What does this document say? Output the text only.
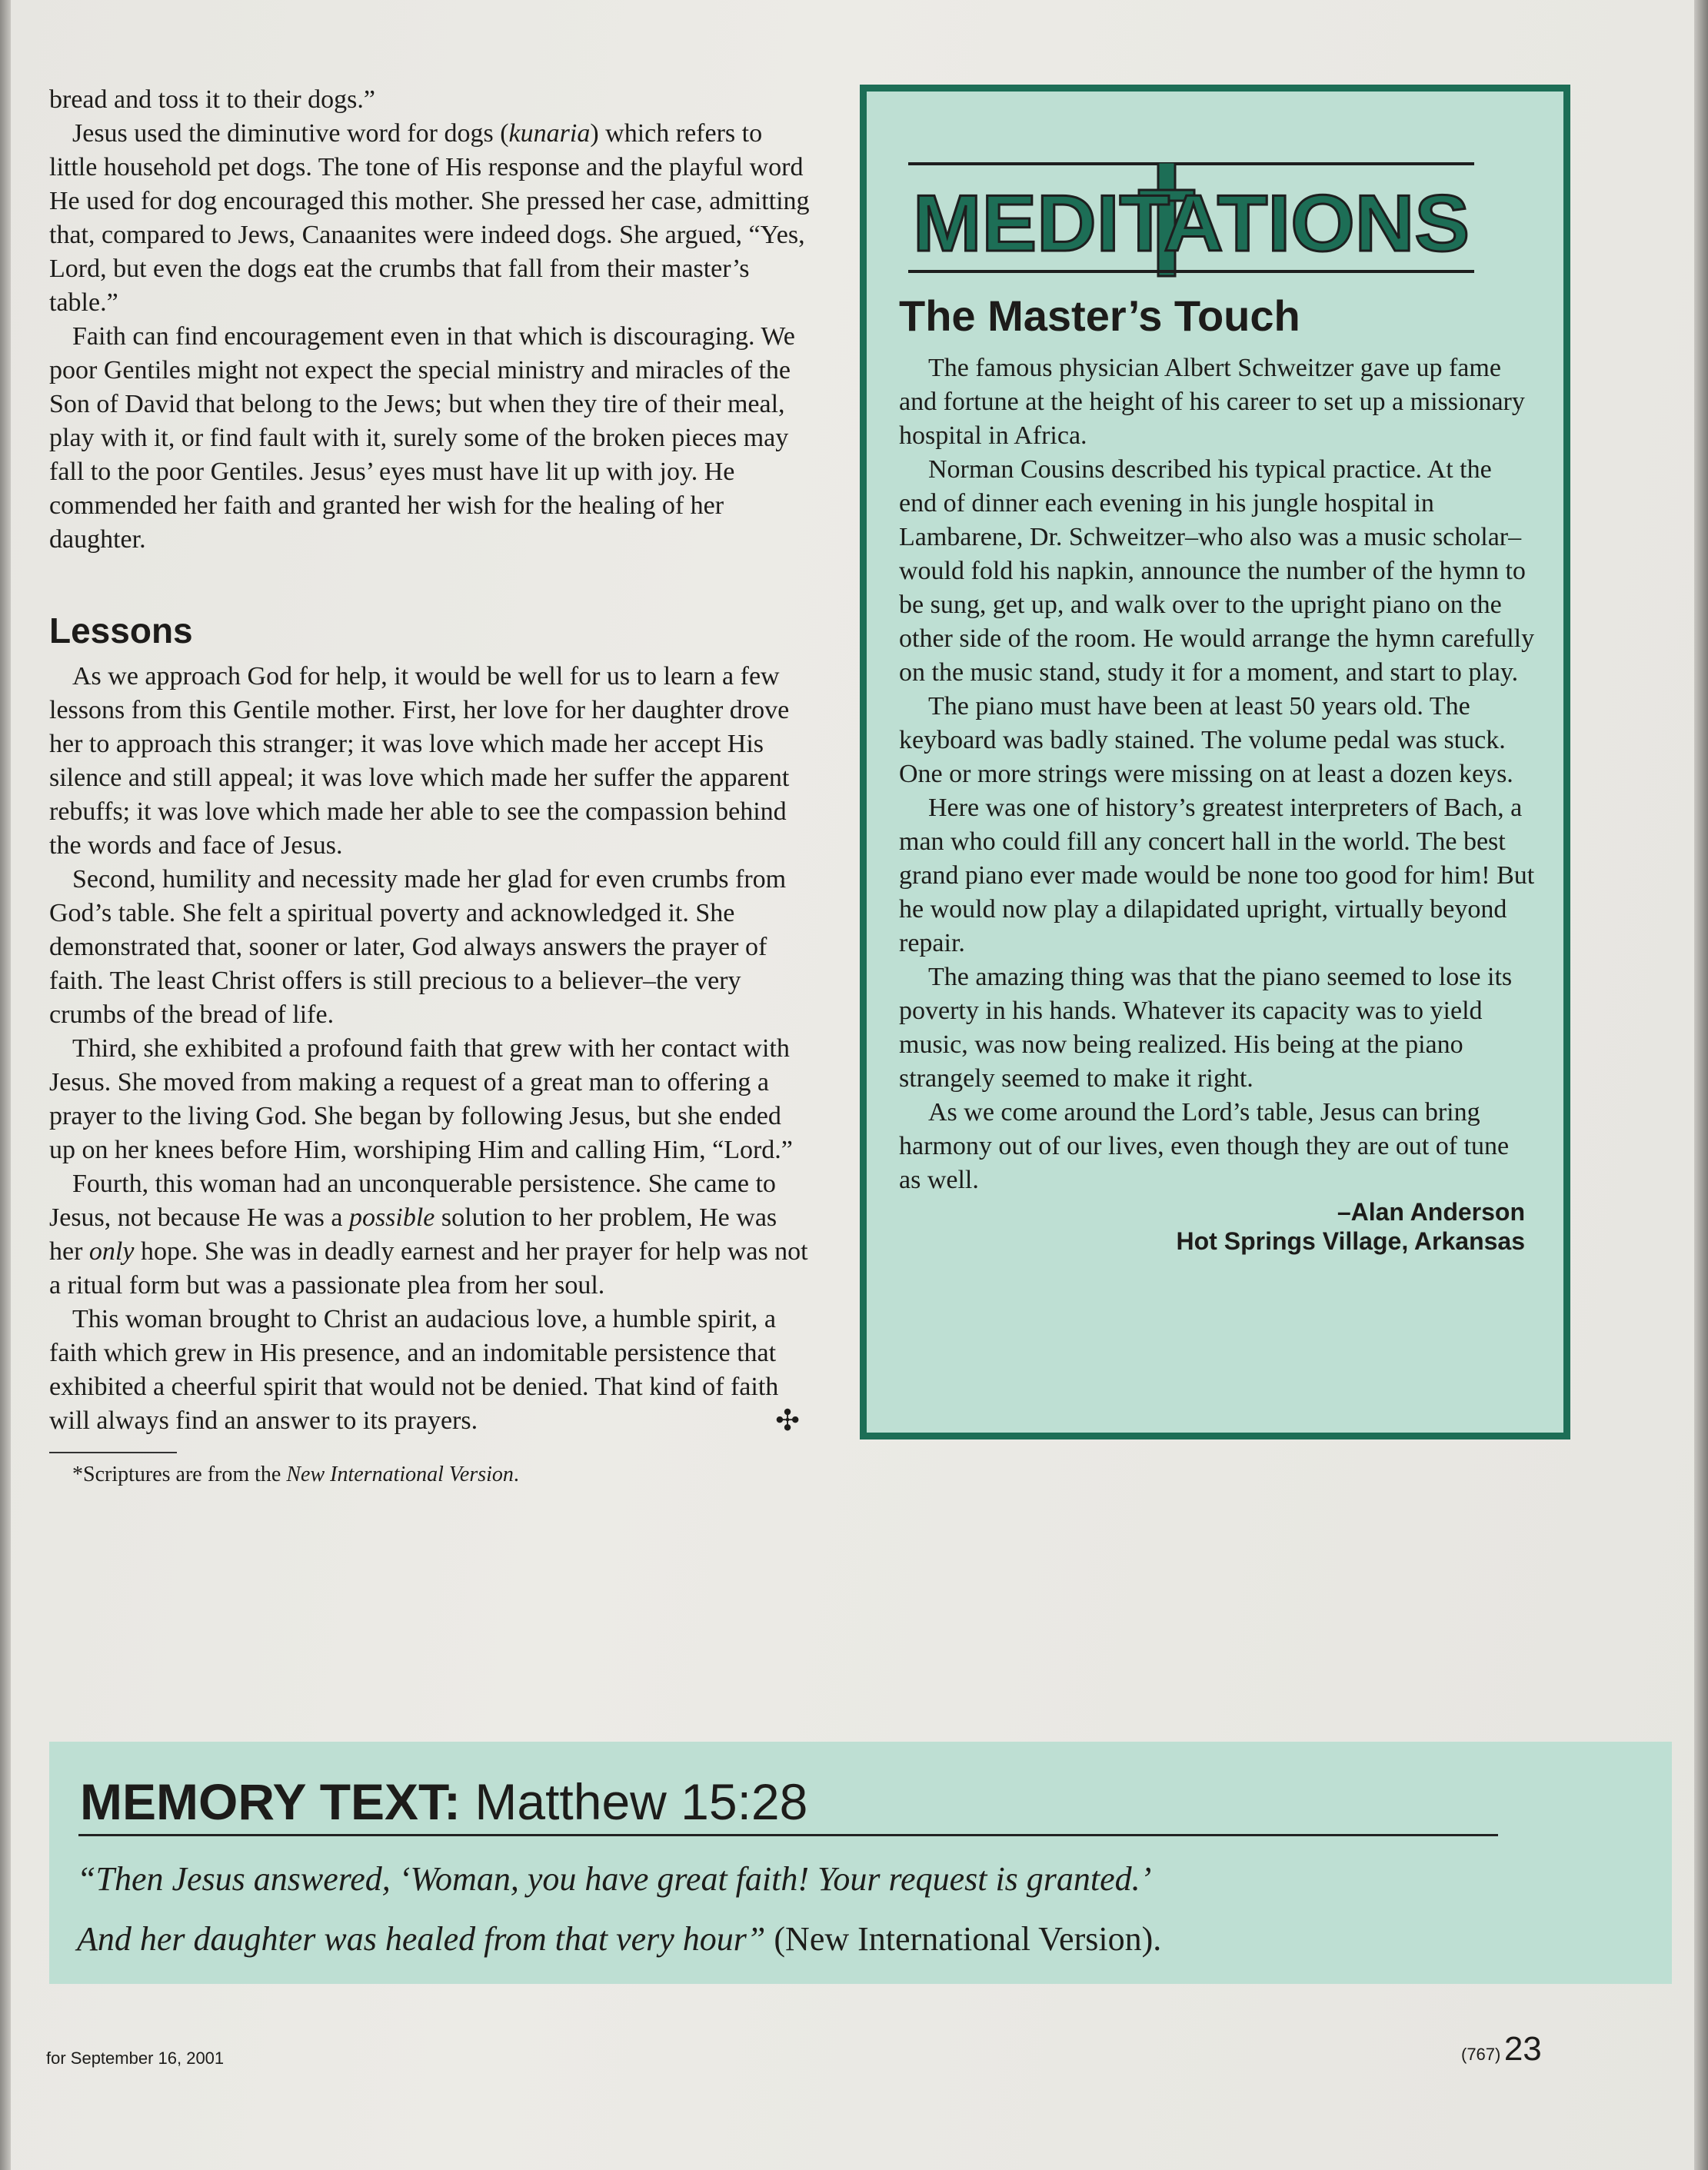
bread and toss it to their dogs.”

Jesus used the diminutive word for dogs (kunaria) which refers to little household pet dogs. The tone of His response and the playful word He used for dog encouraged this mother. She pressed her case, admitting that, compared to Jews, Canaanites were indeed dogs. She argued, “Yes, Lord, but even the dogs eat the crumbs that fall from their master’s table.”

Faith can find encouragement even in that which is discouraging. We poor Gentiles might not expect the special ministry and miracles of the Son of David that belong to the Jews; but when they tire of their meal, play with it, or find fault with it, surely some of the broken pieces may fall to the poor Gentiles. Jesus’ eyes must have lit up with joy. He commended her faith and granted her wish for the healing of her daughter.

Lessons

As we approach God for help, it would be well for us to learn a few lessons from this Gentile mother. First, her love for her daughter drove her to approach this stranger; it was love which made her accept His silence and still appeal; it was love which made her suffer the apparent rebuffs; it was love which made her able to see the compassion behind the words and face of Jesus.

Second, humility and necessity made her glad for even crumbs from God’s table. She felt a spiritual poverty and acknowledged it. She demonstrated that, sooner or later, God always answers the prayer of faith. The least Christ offers is still precious to a believer–the very crumbs of the bread of life.

Third, she exhibited a profound faith that grew with her contact with Jesus. She moved from making a request of a great man to offering a prayer to the living God. She began by following Jesus, but she ended up on her knees before Him, worshiping Him and calling Him, “Lord.”

Fourth, this woman had an unconquerable persistence. She came to Jesus, not because He was a possible solution to her problem, He was her only hope. She was in deadly earnest and her prayer for help was not a ritual form but was a passionate plea from her soul.

This woman brought to Christ an audacious love, a humble spirit, a faith which grew in His presence, and an indomitable persistence that exhibited a cheerful spirit that would not be denied. That kind of faith will always find an answer to its prayers.	✣

*Scriptures are from the New International Version.
MEDITATIONS
The Master’s Touch

The famous physician Albert Schweitzer gave up fame and fortune at the height of his career to set up a missionary hospital in Africa.

Norman Cousins described his typical practice. At the end of dinner each evening in his jungle hospital in Lambarene, Dr. Schweitzer–who also was a music scholar–would fold his napkin, announce the number of the hymn to be sung, get up, and walk over to the upright piano on the other side of the room. He would arrange the hymn carefully on the music stand, study it for a moment, and start to play.

The piano must have been at least 50 years old. The keyboard was badly stained. The volume pedal was stuck. One or more strings were missing on at least a dozen keys.

Here was one of history’s greatest interpreters of Bach, a man who could fill any concert hall in the world. The best grand piano ever made would be none too good for him! But he would now play a dilapidated upright, virtually beyond repair.

The amazing thing was that the piano seemed to lose its poverty in his hands. Whatever its capacity was to yield music, was now being realized. His being at the piano strangely seemed to make it right.

As we come around the Lord’s table, Jesus can bring harmony out of our lives, even though they are out of tune as well.

–Alan Anderson
Hot Springs Village, Arkansas
MEMORY TEXT: Matthew 15:28
“Then Jesus answered, ‘Woman, you have great faith! Your request is granted.’
And her daughter was healed from that very hour” (New International Version).
for September 16, 2001	(767) 23
